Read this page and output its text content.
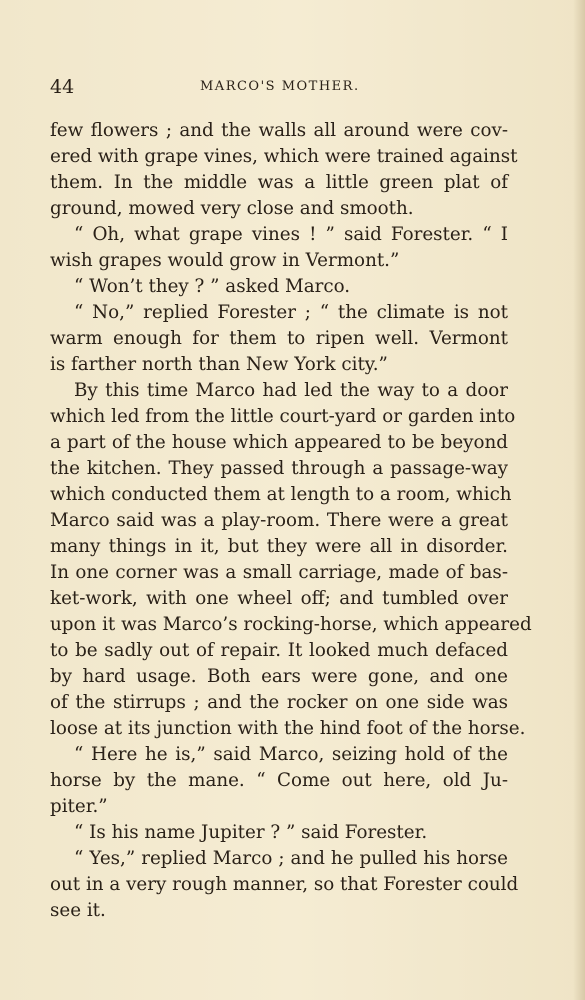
44	MARCO'S MOTHER.
few flowers ; and the walls all around were cov-
ered with grape vines, which were trained against
them. In the middle was a little green plat of
ground, mowed very close and smooth.
“ Oh, what grape vines ! ” said Forester. “ I
wish grapes would grow in Vermont.”
“ Won’t they ? ” asked Marco.
“ No,” replied Forester ; “ the climate is not
warm enough for them to ripen well. Vermont
is farther north than New York city.”
By this time Marco had led the way to a door
which led from the little court-yard or garden into
a part of the house which appeared to be beyond
the kitchen. They passed through a passage-way
which conducted them at length to a room, which
Marco said was a play-room. There were a great
many things in it, but they were all in disorder.
In one corner was a small carriage, made of bas-
ket-work, with one wheel off; and tumbled over
upon it was Marco’s rocking-horse, which appeared
to be sadly out of repair. It looked much defaced
by hard usage. Both ears were gone, and one
of the stirrups ; and the rocker on one side was
loose at its junction with the hind foot of the horse.
“ Here he is,” said Marco, seizing hold of the
horse by the mane. “ Come out here, old Ju-
piter.”
“ Is his name Jupiter ? ” said Forester.
“ Yes,” replied Marco ; and he pulled his horse
out in a very rough manner, so that Forester could
see it.
